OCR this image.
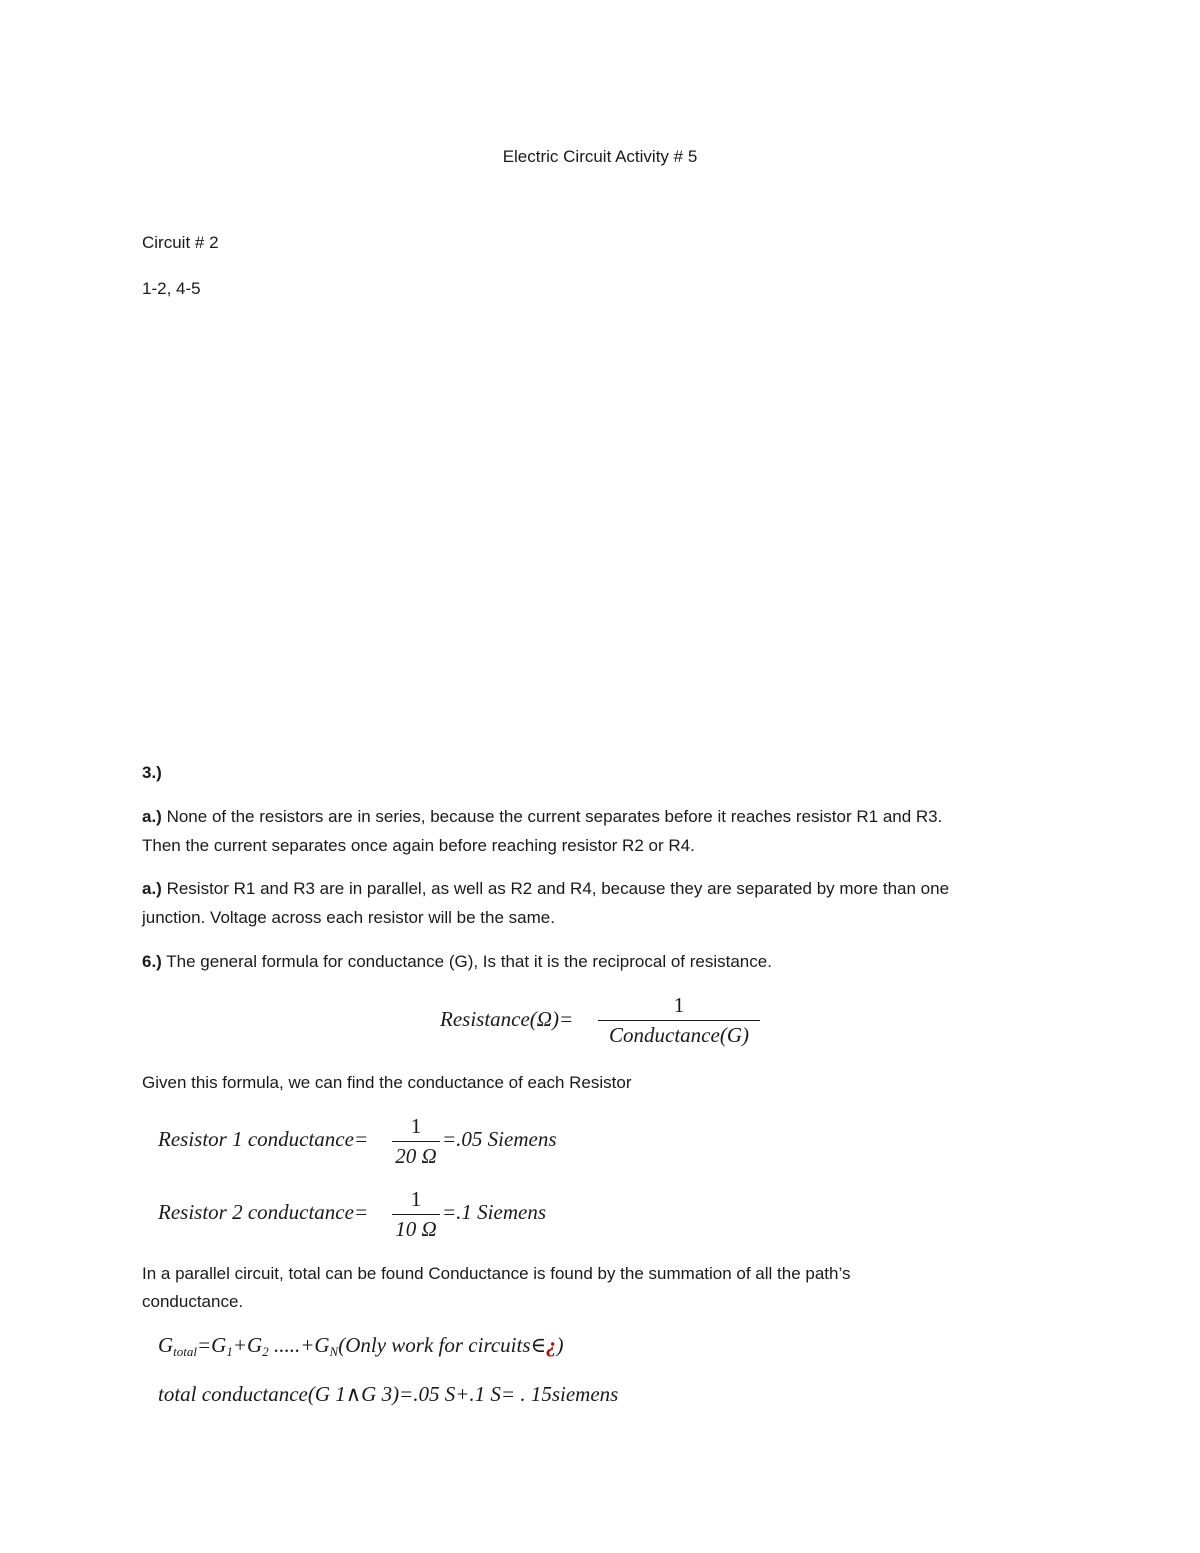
Electric Circuit Activity # 5
Circuit # 2
1-2, 4-5
3.)
a.) None of the resistors are in series, because the current separates before it reaches resistor R1 and R3.
Then the current separates once again before reaching resistor R2 or R4.
a.) Resistor R1 and R3 are in parallel, as well as R2 and R4, because they are separated by more than one
junction. Voltage across each resistor will be the same.
6.) The general formula for conductance (G), Is that it is the reciprocal of resistance.
Resistance(Ω)=
1
Conductance(G)
Given this formula, we can find the conductance of each Resistor
Resistor 1 conductance=
1
20 Ω
=.05 Siemens
Resistor 2 conductance=
1
10 Ω
=.1 Siemens
In a parallel circuit, total can be found Conductance is found by the summation of all the path’s
conductance.
$G_{total}=G_1+G_2$ $.....+G_N(Only$ work for circuits∈¿)
total conductance(G 1∧G 3)=.05 S+.1 S= . 15siemens
